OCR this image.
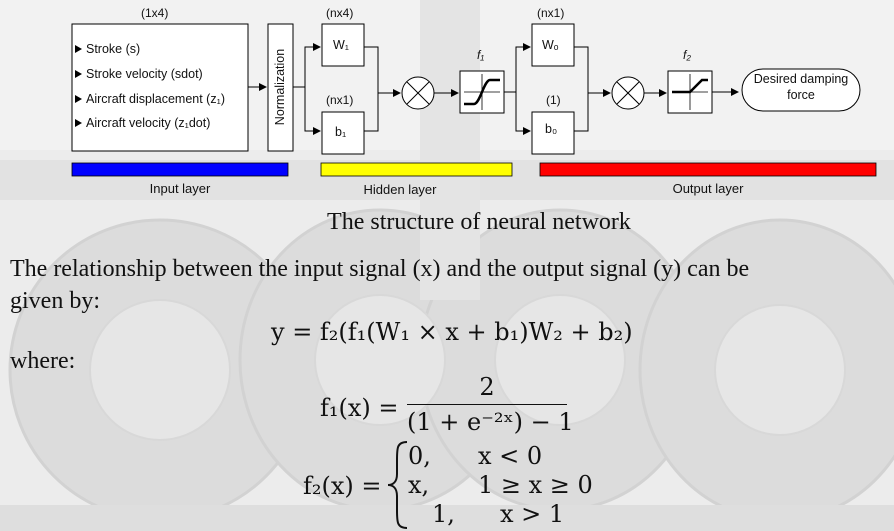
(1x4)	(nx4)
(nx1)
(nx1)
(1)
Stroke (s)
Stroke velocity (sdot)
Aircraft displacement (z₁)
Aircraft velocity (z₁dot)	Normalization
W₁
b₁
Wₒ
b₀
f₁	f₂
Desired damping
force
Input layer	Hidden layer	Output layer
The structure of neural network
The relationship between the input signal (x) and the output signal (y) can be
given by:
y = f₂(f₁(W₁ × x + b₁)W₂ + b₂)
where:
f₁(x) =
2
(1 + e⁻²ˣ) − 1
f₂(x) =
0,	x < 0
x,	1 ≥ x ≥ 0
1,	x > 1
